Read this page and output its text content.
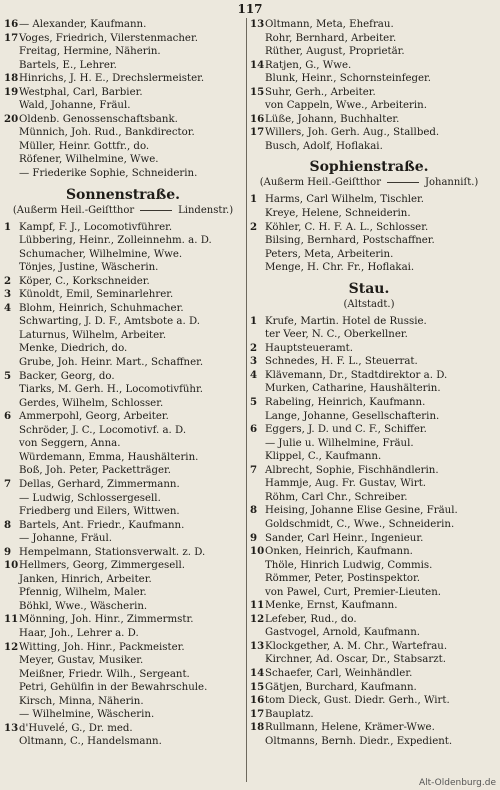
117
16— Alexander, Kaufmann.
17Voges, Friedrich, Vilerstenmacher.
Freitag, Hermine, Näherin.
Bartels, E., Lehrer.
18Hinrichs, J. H. E., Drechslermeister.
19Westphal, Carl, Barbier.
Wald, Johanne, Fräul.
20Oldenb. Genossenschaftsbank.
Münnich, Joh. Rud., Bankdirector.
Müller, Heinr. Gottfr., do.
Röfener, Wilhelmine, Wwe.
— Friederike Sophie, Schneiderin.
Sonnenstraße.
(Außerm Heil.-Geiſtthor	Lindenstr.)
1 Kampf, F. J., Locomotivführer.
Lübbering, Heinr., Zolleinnehm. a. D.
Schumacher, Wilhelmine, Wwe.
Tönjes, Justine, Wäscherin.
2 Köper, C., Korkschneider.
3 Künoldt, Emil, Seminarlehrer.
4 Blohm, Heinrich, Schuhmacher.
Schwarting, J. D. F., Amtsbote a. D.
Laturnus, Wilhelm, Arbeiter.
Menke, Diedrich, do.
Grube, Joh. Heinr. Mart., Schaffner.
5 Backer, Georg, do.
Tiarks, M. Gerh. H., Locomotivführ.
Gerdes, Wilhelm, Schlosser.
6 Ammerpohl, Georg, Arbeiter.
Schröder, J. C., Locomotivf. a. D.
von Seggern, Anna.
Würdemann, Emma, Haushälterin.
Boß, Joh. Peter, Packetträger.
7 Dellas, Gerhard, Zimmermann.
— Ludwig, Schlossergesell.
Friedberg und Eilers, Wittwen.
8 Bartels, Ant. Friedr., Kaufmann.
— Johanne, Fräul.
9 Hempelmann, Stationsverwalt. z. D.
10Hellmers, Georg, Zimmergesell.
Janken, Hinrich, Arbeiter.
Pfennig, Wilhelm, Maler.
Böhkl, Wwe., Wäscherin.
11Mönning, Joh. Hinr., Zimmermstr.
Haar, Joh., Lehrer a. D.
12Witting, Joh. Hinr., Packmeister.
Meyer, Gustav, Musiker.
Meißner, Friedr. Wilh., Sergeant.
Petri, Gehülfin in der Bewahrschule.
Kirsch, Minna, Näherin.
— Wilhelmine, Wäscherin.
13d'Huvelé, G., Dr. med.
Oltmann, C., Handelsmann.
13Oltmann, Meta, Ehefrau.
Rohr, Bernhard, Arbeiter.
Rüther, August, Proprietär.
14Ratjen, G., Wwe.
Blunk, Heinr., Schornsteinfeger.
15Suhr, Gerh., Arbeiter.
von Cappeln, Wwe., Arbeiterin.
16Lüße, Johann, Buchhalter.
17Willers, Joh. Gerh. Aug., Stallbed.
Busch, Adolf, Hoflakai.
Sophienstraße.
(Außerm Heil.-Geiſtthor	Johanniſt.)
1 Harms, Carl Wilhelm, Tischler.
Kreye, Helene, Schneiderin.
2 Köhler, C. H. F. A. L., Schlosser.
Bilsing, Bernhard, Postschaffner.
Peters, Meta, Arbeiterin.
Menge, H. Chr. Fr., Hoflakai.
Stau.
(Altstadt.)
1 Krufe, Martin. Hotel de Russie.
ter Veer, N. C., Oberkellner.
2 Hauptsteueramt.
3 Schnedes, H. F. L., Steuerrat.
4 Klävemann, Dr., Stadtdirektor a. D.
Murken, Catharine, Haushälterin.
5 Rabeling, Heinrich, Kaufmann.
Lange, Johanne, Gesellschafterin.
6 Eggers, J. D. und C. F., Schiffer.
— Julie u. Wilhelmine, Fräul.
Klippel, C., Kaufmann.
7 Albrecht, Sophie, Fischhändlerin.
Hammje, Aug. Fr. Gustav, Wirt.
Röhm, Carl Chr., Schreiber.
8 Heising, Johanne Elise Gesine, Fräul.
Goldschmidt, C., Wwe., Schneiderin.
9 Sander, Carl Heinr., Ingenieur.
10Onken, Heinrich, Kaufmann.
Thöle, Hinrich Ludwig, Commis.
Römmer, Peter, Postinspektor.
von Pawel, Curt, Premier-Lieuten.
11Menke, Ernst, Kaufmann.
12Lefeber, Rud., do.
Gastvogel, Arnold, Kaufmann.
13Klockgether, A. M. Chr., Wartefrau.
Kirchner, Ad. Oscar, Dr., Stabsarzt.
14Schaefer, Carl, Weinhändler.
15Gätjen, Burchard, Kaufmann.
16tom Dieck, Gust. Diedr. Gerh., Wirt.
17Bauplatz.
18Rullmann, Helene, Krämer-Wwe.
Oltmanns, Bernh. Diedr., Expedient.
Alt-Oldenburg.de
